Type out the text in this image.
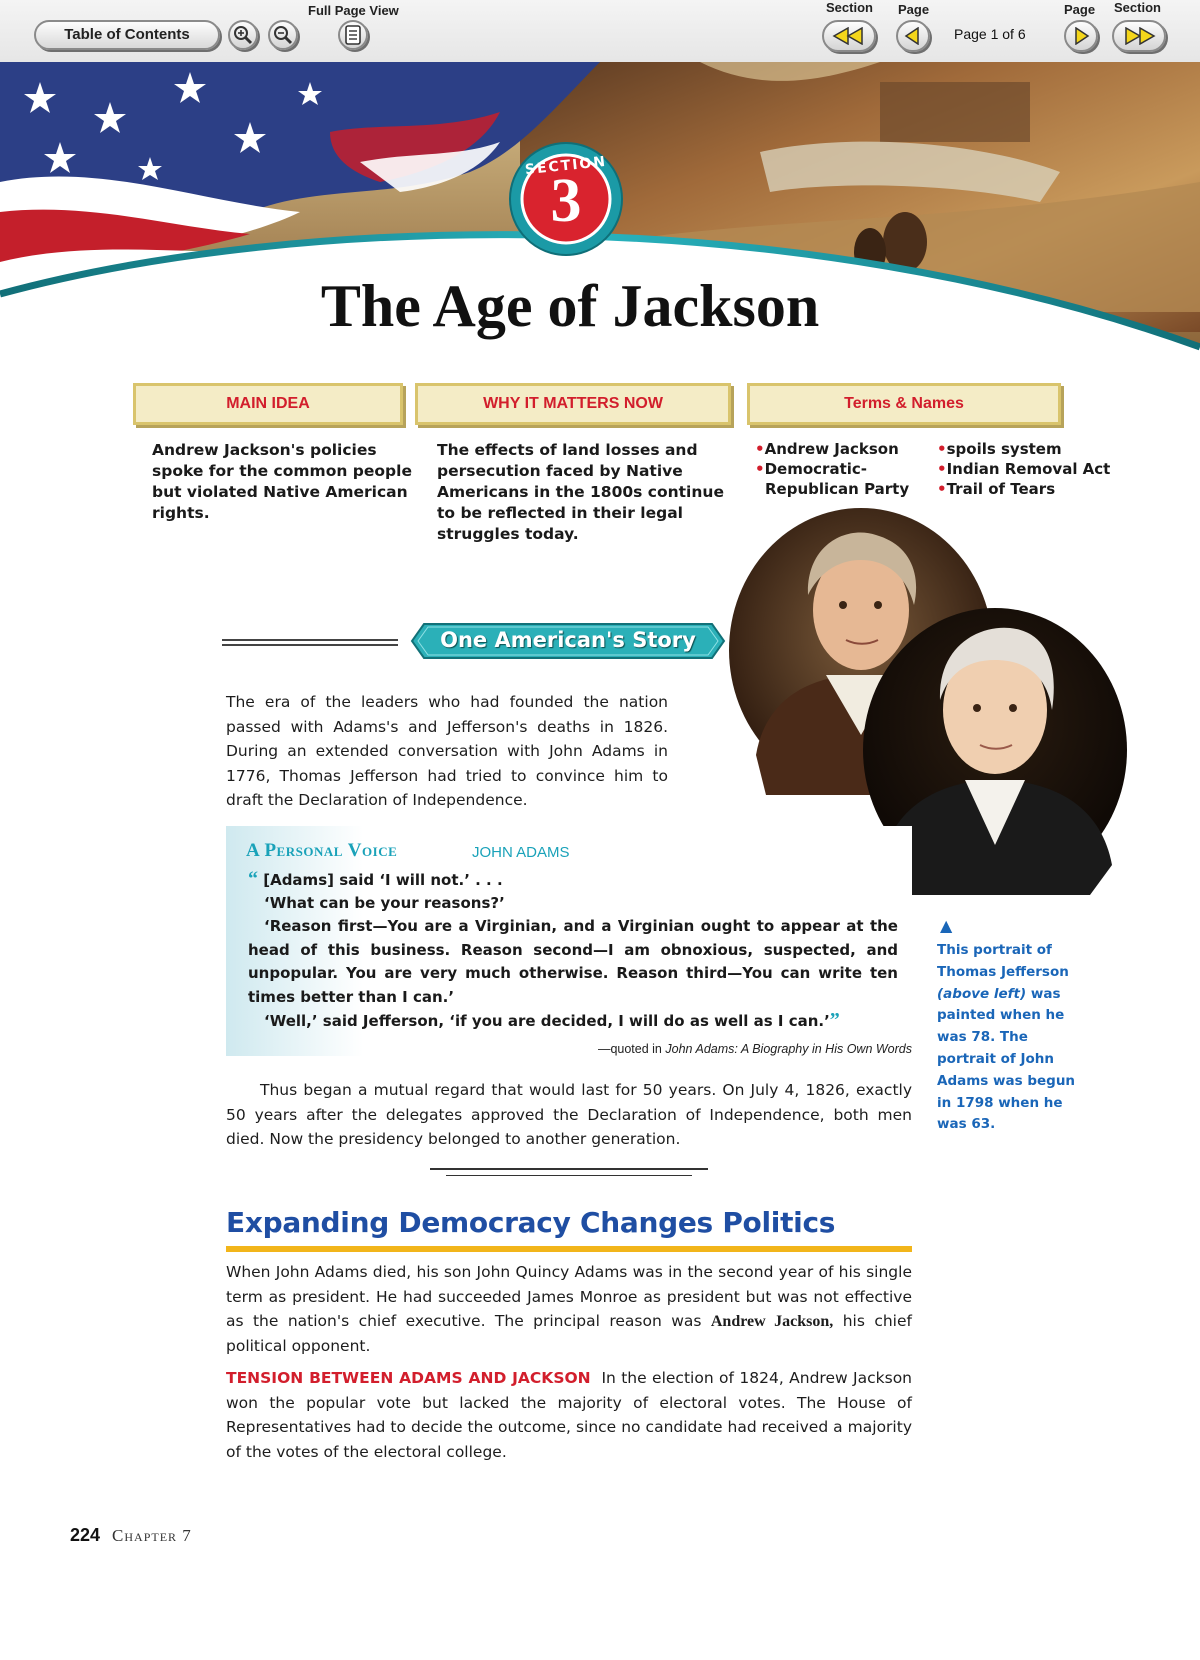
Table of Contents
Full Page View	Section Page	Page Section
Page 1 of 6
SECTION
3
The Age of Jackson
MAIN IDEA	WHY IT MATTERS NOW	Terms & Names
Andrew Jackson's policies spoke for the common people but violated Native American rights.
The effects of land losses and persecution faced by Native Americans in the 1800s continue to be reflected in their legal struggles today.
• Andrew Jackson
• Democratic-Republican Party
• spoils system
• Indian Removal Act
• Trail of Tears
One American's Story
The era of the leaders who had founded the nation passed with Adams's and Jefferson's deaths in 1826. During an extended conversation with John Adams in 1776, Thomas Jefferson had tried to convince him to draft the Declaration of Independence.
A Personal Voice	JOHN ADAMS
“ [Adams] said ‘I will not.’ . . .
‘What can be your reasons?’
‘Reason first—You are a Virginian, and a Virginian ought to appear at the head of this business. Reason second—I am obnoxious, suspected, and unpopular. You are very much otherwise. Reason third—You can write ten times better than I can.’
‘Well,’ said Jefferson, ‘if you are decided, I will do as well as I can.’”
—quoted in John Adams: A Biography in His Own Words
▲
This portrait of Thomas Jefferson (above left) was painted when he was 78. The portrait of John Adams was begun in 1798 when he was 63.
Thus began a mutual regard that would last for 50 years. On July 4, 1826, exactly 50 years after the delegates approved the Declaration of Independence, both men died. Now the presidency belonged to another generation.
Expanding Democracy Changes Politics
When John Adams died, his son John Quincy Adams was in the second year of his single term as president. He had succeeded James Monroe as president but was not effective as the nation's chief executive. The principal reason was Andrew Jackson, his chief political opponent.
TENSION BETWEEN ADAMS AND JACKSON In the election of 1824, Andrew Jackson won the popular vote but lacked the majority of electoral votes. The House of Representatives had to decide the outcome, since no candidate had received a majority of the votes of the electoral college.
224 Chapter 7
